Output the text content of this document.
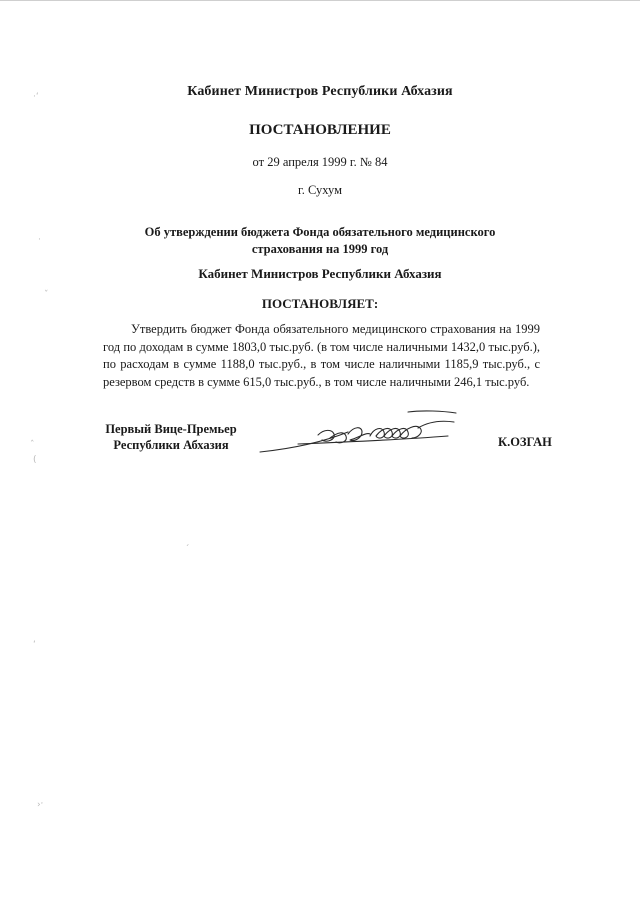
·ʻ
·
ˇ
ˆ
(
ʻ
›ˑ
ˏ
Кабинет Министров Республики Абхазия
ПОСТАНОВЛЕНИЕ
от 29 апреля 1999 г. № 84
г. Сухум
Об утверждении бюджета Фонда обязательного медицинского
страхования на 1999 год
Кабинет Министров Республики Абхазия
ПОСТАНОВЛЯЕТ:
Утвердить бюджет Фонда обязательного медицинского страхования на 1999 год по доходам в сумме 1803,0 тыс.руб. (в том числе наличными 1432,0 тыс.руб.), по расходам в сумме 1188,0 тыс.руб., в том числе наличными 1185,9 тыс.руб., с резервом средств в сумме 615,0 тыс.руб., в том числе наличными 246,1 тыс.руб.
Первый Вице-Премьер
Республики Абхазия	К.ОЗГАН
